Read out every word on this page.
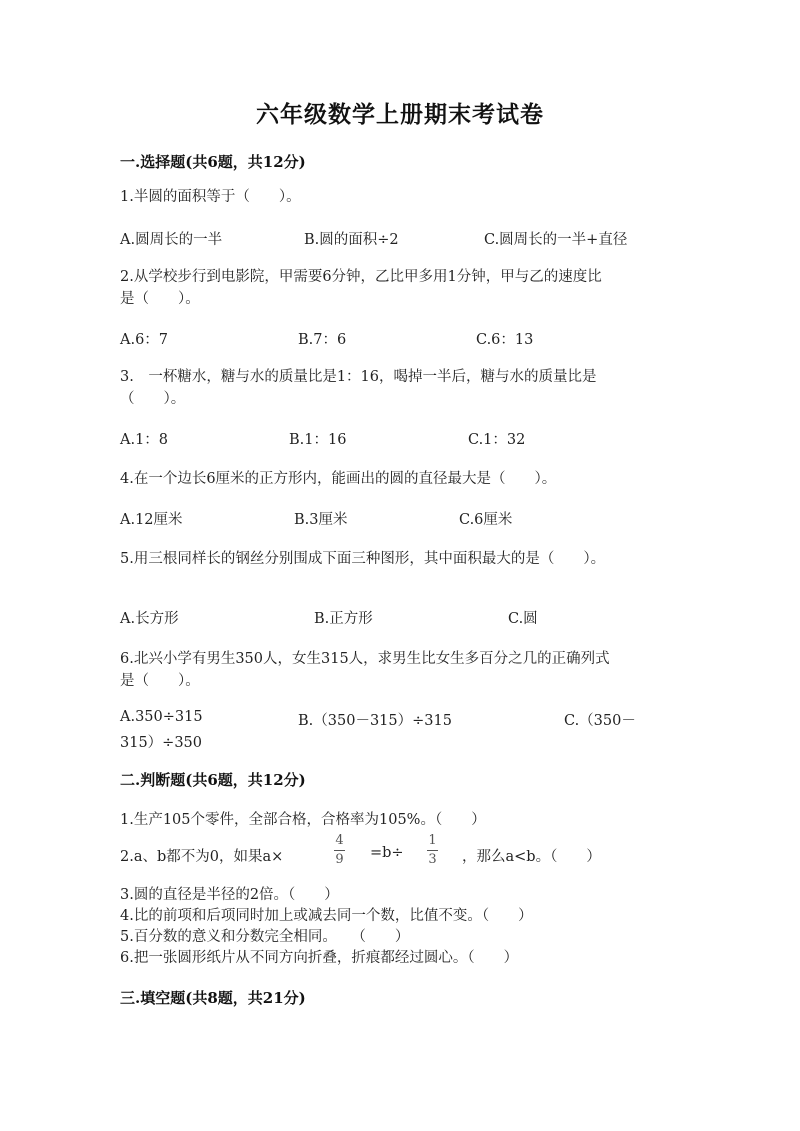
六年级数学上册期末考试卷
一.选择题(共6题，共12分)
1.半圆的面积等于（　　）。
A.圆周长的一半	B.圆的面积÷2	C.圆周长的一半+直径
2.从学校步行到电影院，甲需要6分钟，乙比甲多用1分钟，甲与乙的速度比
是（　　）。
A.6：7	B.7：6	C.6：13
3.　一杯糖水，糖与水的质量比是1：16，喝掉一半后，糖与水的质量比是
（　　）。
A.1：8	B.1：16	C.1：32
4.在一个边长6厘米的正方形内，能画出的圆的直径最大是（　　）。
A.12厘米	B.3厘米	C.6厘米
5.用三根同样长的钢丝分别围成下面三种图形，其中面积最大的是（　　）。
A.长方形	B.正方形	C.圆
6.北兴小学有男生350人，女生315人，求男生比女生多百分之几的正确列式
是（　　）。
A.350÷315	B.（350－315）÷315	C.（350－
315）÷350
二.判断题(共6题，共12分)
1.生产105个零件，全部合格，合格率为105%。（　　）
2.a、b都不为0，如果a×
4
9 =b÷
1
3 ，那么a<b。（　　）
3.圆的直径是半径的2倍。（　　）
4.比的前项和后项同时加上或减去同一个数，比值不变。（　　）
5.百分数的意义和分数完全相同。　　（　　）
6.把一张圆形纸片从不同方向折叠，折痕都经过圆心。（　　）
三.填空题(共8题，共21分)
